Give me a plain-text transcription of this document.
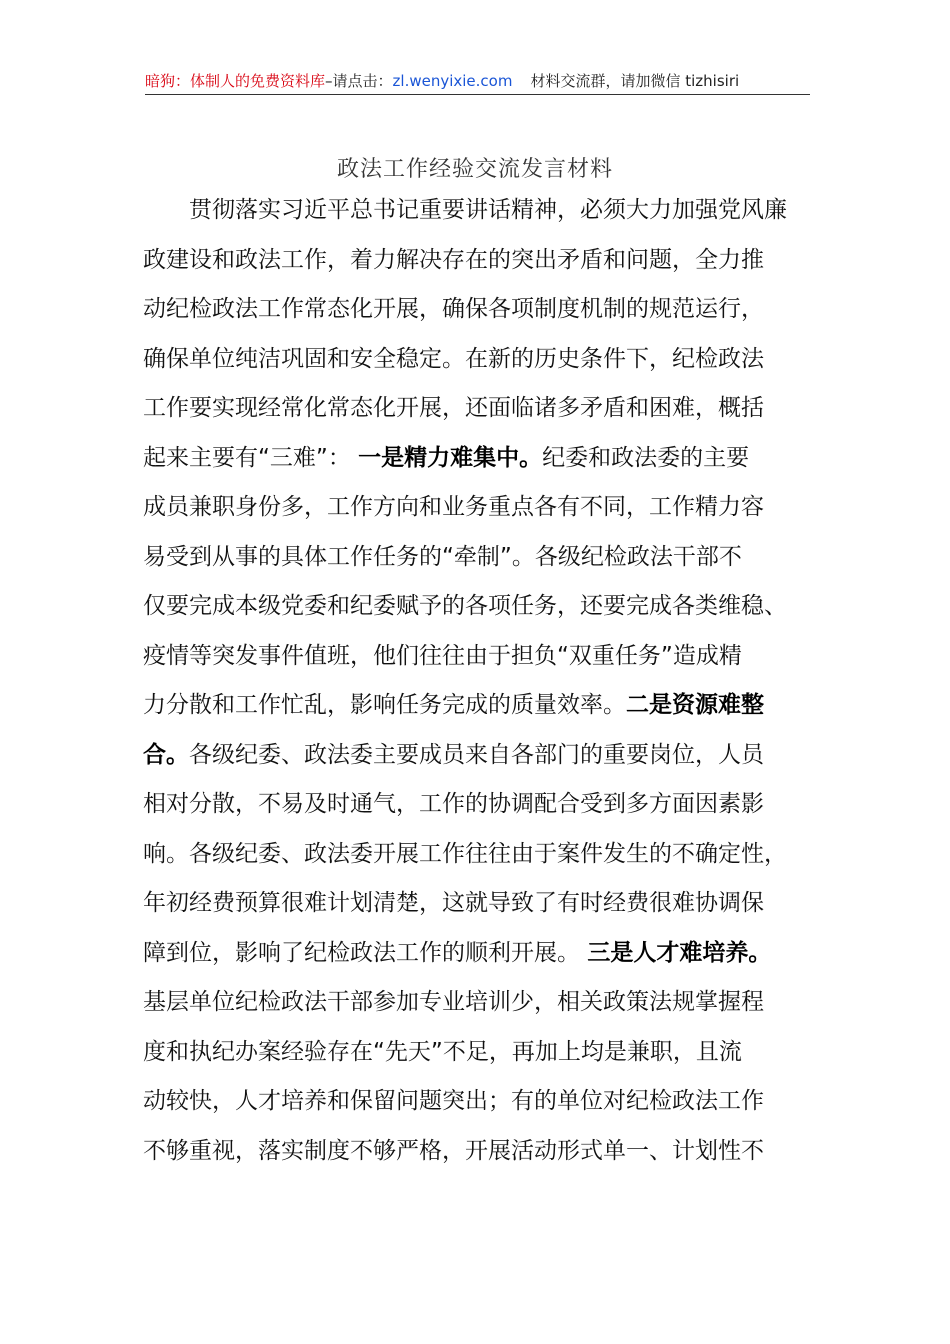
暗狗：体制人的免费资料库–请点击：zl.wenyixie.com 材料交流群，请加微信 tizhisiri
政法工作经验交流发言材料
贯彻落实习近平总书记重要讲话精神，必须大力加强党风廉
政建设和政法工作，着力解决存在的突出矛盾和问题，全力推
动纪检政法工作常态化开展，确保各项制度机制的规范运行，
确保单位纯洁巩固和安全稳定。在新的历史条件下，纪检政法
工作要实现经常化常态化开展，还面临诸多矛盾和困难，概括
起来主要有“三难”： 一是精力难集中。纪委和政法委的主要
成员兼职身份多，工作方向和业务重点各有不同，工作精力容
易受到从事的具体工作任务的“牵制”。各级纪检政法干部不
仅要完成本级党委和纪委赋予的各项任务，还要完成各类维稳、
疫情等突发事件值班，他们往往由于担负“双重任务”造成精
力分散和工作忙乱，影响任务完成的质量效率。二是资源难整
合。各级纪委、政法委主要成员来自各部门的重要岗位，人员
相对分散，不易及时通气，工作的协调配合受到多方面因素影
响。各级纪委、政法委开展工作往往由于案件发生的不确定性，
年初经费预算很难计划清楚，这就导致了有时经费很难协调保
障到位，影响了纪检政法工作的顺利开展。 三是人才难培养。
基层单位纪检政法干部参加专业培训少，相关政策法规掌握程
度和执纪办案经验存在“先天”不足，再加上均是兼职，且流
动较快，人才培养和保留问题突出；有的单位对纪检政法工作
不够重视，落实制度不够严格，开展活动形式单一、计划性不
